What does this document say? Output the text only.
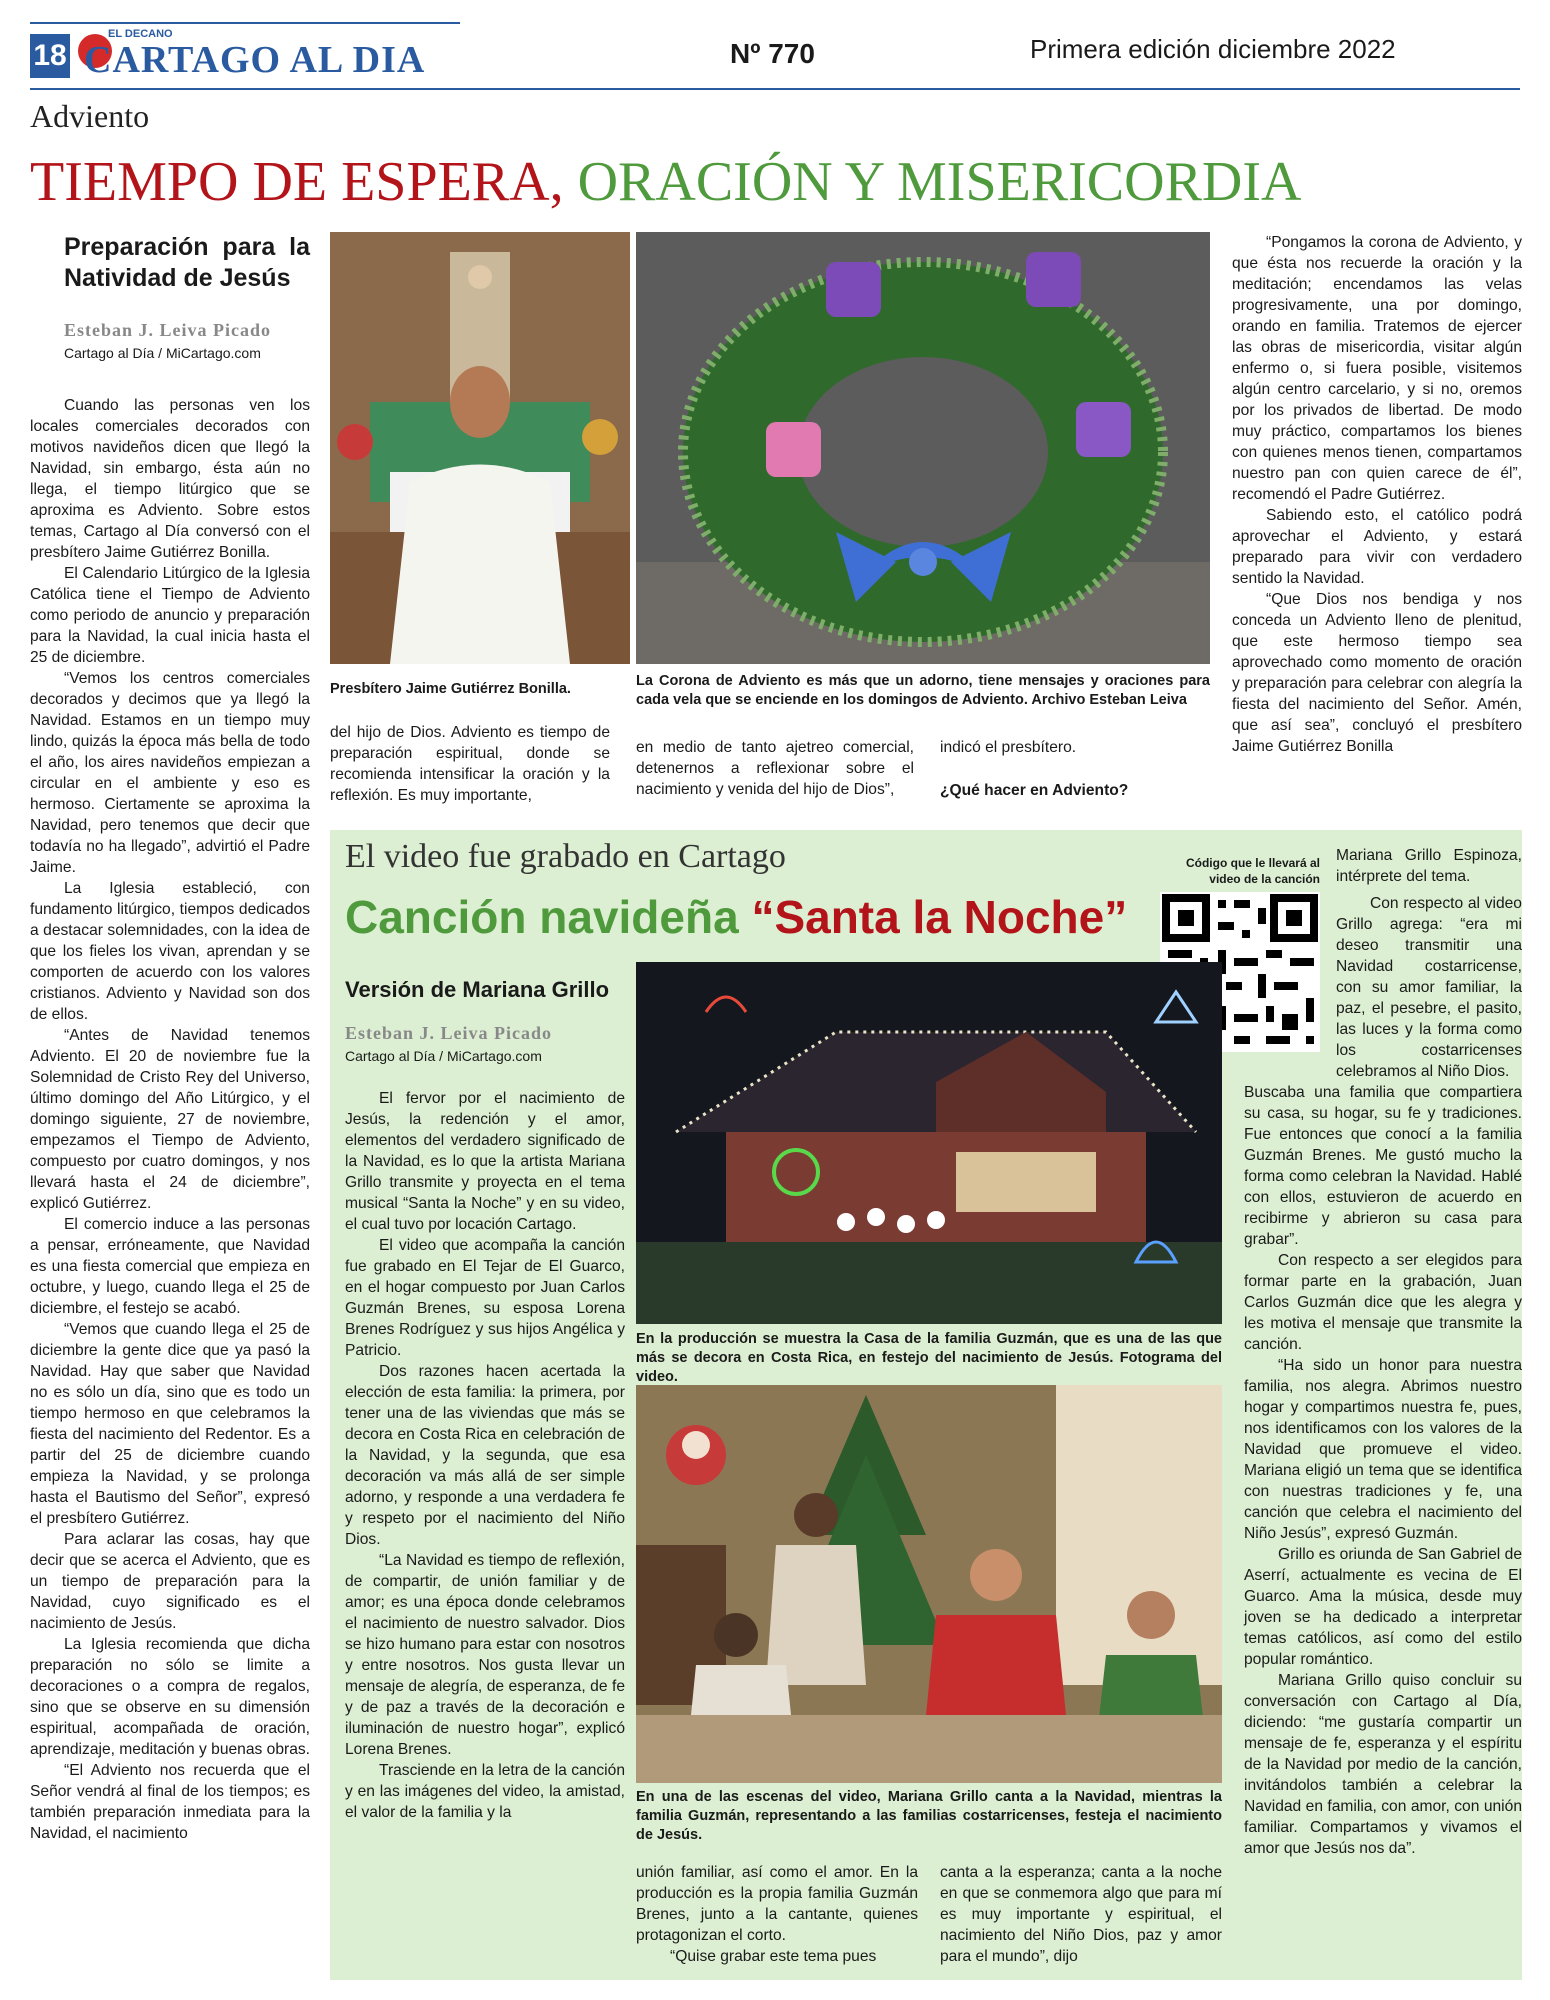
18
EL DECANO
CARTAGO AL DIA	Nº 770	Primera edición diciembre 2022
Adviento
TIEMPO DE ESPERA, ORACIÓN Y MISERICORDIA
Preparación para la Natividad de Jesús
Esteban J. Leiva Picado
Cartago al Día / MiCartago.com

Cuando las personas ven los locales comerciales decorados con motivos navideños dicen que llegó la Navidad, sin embargo, ésta aún no llega, el tiempo litúrgico que se aproxima es Adviento. Sobre estos temas, Cartago al Día conversó con el presbítero Jaime Gutiérrez Bonilla.

El Calendario Litúrgico de la Iglesia Católica tiene el Tiempo de Adviento como periodo de anuncio y preparación para la Navidad, la cual inicia hasta el 25 de diciembre.

“Vemos los centros comerciales decorados y decimos que ya llegó la Navidad. Estamos en un tiempo muy lindo, quizás la época más bella de todo el año, los aires navideños empiezan a circular en el ambiente y eso es hermoso. Ciertamente se aproxima la Navidad, pero tenemos que decir que todavía no ha llegado”, advirtió el Padre Jaime.

La Iglesia estableció, con fundamento litúrgico, tiempos dedicados a destacar solemnidades, con la idea de que los fieles los vivan, aprendan y se comporten de acuerdo con los valores cristianos. Adviento y Navidad son dos de ellos.

“Antes de Navidad tenemos Adviento. El 20 de noviembre fue la Solemnidad de Cristo Rey del Universo, último domingo del Año Litúrgico, y el domingo siguiente, 27 de noviembre, empezamos el Tiempo de Adviento, compuesto por cuatro domingos, y nos llevará hasta el 24 de diciembre”, explicó Gutiérrez.

El comercio induce a las personas a pensar, erróneamente, que Navidad es una fiesta comercial que empieza en octubre, y luego, cuando llega el 25 de diciembre, el festejo se acabó.

“Vemos que cuando llega el 25 de diciembre la gente dice que ya pasó la Navidad. Hay que saber que Navidad no es sólo un día, sino que es todo un tiempo hermoso en que celebramos la fiesta del nacimiento del Redentor. Es a partir del 25 de diciembre cuando empieza la Navidad, y se prolonga hasta el Bautismo del Señor”, expresó el presbítero Gutiérrez.

Para aclarar las cosas, hay que decir que se acerca el Adviento, que es un tiempo de preparación para la Navidad, cuyo significado es el nacimiento de Jesús.

La Iglesia recomienda que dicha preparación no sólo se limite a decoraciones o a compra de regalos, sino que se observe en su dimensión espiritual, acompañada de oración, aprendizaje, meditación y buenas obras.

“El Adviento nos recuerda que el Señor vendrá al final de los tiempos; es también preparación inmediata para la Navidad, el nacimiento

Presbítero Jaime Gutiérrez Bonilla.	La Corona de Adviento es más que un adorno, tiene mensajes y oraciones para cada vela que se enciende en los domingos de Adviento. Archivo Esteban Leiva

del hijo de Dios. Adviento es tiempo de preparación espiritual, donde se recomienda intensificar la oración y la reflexión. Es muy importante,

en medio de tanto ajetreo comercial, detenernos a reflexionar sobre el nacimiento y venida del hijo de Dios”,

indicó el presbítero.

¿Qué hacer en Adviento?

“Pongamos la corona de Adviento, y que ésta nos recuerde la oración y la meditación; encendamos las velas progresivamente, una por domingo, orando en familia. Tratemos de ejercer las obras de misericordia, visitar algún enfermo o, si fuera posible, visitemos algún centro carcelario, y si no, oremos por los privados de libertad. De modo muy práctico, compartamos los bienes con quienes menos tienen, compartamos nuestro pan con quien carece de él”, recomendó el Padre Gutiérrez.

Sabiendo esto, el católico podrá aprovechar el Adviento, y estará preparado para vivir con verdadero sentido la Navidad.

“Que Dios nos bendiga y nos conceda un Adviento lleno de plenitud, que este hermoso tiempo sea aprovechado como momento de oración y preparación para celebrar con alegría la fiesta del nacimiento del Señor. Amén, que así sea”, concluyó el presbítero Jaime Gutiérrez Bonilla

El video fue grabado en Cartago
Canción navideña “Santa la Noche”
Código que le llevará al video de la canción
Versión de Mariana Grillo
Esteban J. Leiva Picado
Cartago al Día / MiCartago.com

El fervor por el nacimiento de Jesús, la redención y el amor, elementos del verdadero significado de la Navidad, es lo que la artista Mariana Grillo transmite y proyecta en el tema musical “Santa la Noche” y en su video, el cual tuvo por locación Cartago.

El video que acompaña la canción fue grabado en El Tejar de El Guarco, en el hogar compuesto por Juan Carlos Guzmán Brenes, su esposa Lorena Brenes Rodríguez y sus hijos Angélica y Patricio.

Dos razones hacen acertada la elección de esta familia: la primera, por tener una de las viviendas que más se decora en Costa Rica en celebración de la Navidad, y la segunda, que esa decoración va más allá de ser simple adorno, y responde a una verdadera fe y respeto por el nacimiento del Niño Dios.

“La Navidad es tiempo de reflexión, de compartir, de unión familiar y de amor; es una época donde celebramos el nacimiento de nuestro salvador. Dios se hizo humano para estar con nosotros y entre nosotros. Nos gusta llevar un mensaje de alegría, de esperanza, de fe y de paz a través de la decoración e iluminación de nuestro hogar”, explicó Lorena Brenes.

Trasciende en la letra de la canción y en las imágenes del video, la amistad, el valor de la familia y la

En la producción se muestra la Casa de la familia Guzmán, que es una de las que más se decora en Costa Rica, en festejo del nacimiento de Jesús. Fotograma del video.
En una de las escenas del video, Mariana Grillo canta a la Navidad, mientras la familia Guzmán, representando a las familias costarricenses, festeja el nacimiento de Jesús.

unión familiar, así como el amor. En la producción es la propia familia Guzmán Brenes, junto a la cantante, quienes protagonizan el corto.

“Quise grabar este tema pues

canta a la esperanza; canta a la noche en que se conmemora algo que para mí es muy importante y espiritual, el nacimiento del Niño Dios, paz y amor para el mundo”, dijo

Mariana Grillo Espinoza, intérprete del tema.

Con respecto al video Grillo agrega: “era mi deseo transmitir una Navidad costarricense, con su amor familiar, la paz, el pesebre, el pasito, las luces y la forma como los costarricenses celebramos al Niño Dios.

Buscaba una familia que compartiera su casa, su hogar, su fe y tradiciones. Fue entonces que conocí a la familia Guzmán Brenes. Me gustó mucho la forma como celebran la Navidad. Hablé con ellos, estuvieron de acuerdo en recibirme y abrieron su casa para grabar”.

Con respecto a ser elegidos para formar parte en la grabación, Juan Carlos Guzmán dice que les alegra y les motiva el mensaje que transmite la canción.

“Ha sido un honor para nuestra familia, nos alegra. Abrimos nuestro hogar y compartimos nuestra fe, pues, nos identificamos con los valores de la Navidad que promueve el video. Mariana eligió un tema que se identifica con nuestras tradiciones y fe, una canción que celebra el nacimiento del Niño Jesús”, expresó Guzmán.

Grillo es oriunda de San Gabriel de Aserrí, actualmente es vecina de El Guarco. Ama la música, desde muy joven se ha dedicado a interpretar temas católicos, así como del estilo popular romántico.

Mariana Grillo quiso concluir su conversación con Cartago al Día, diciendo: “me gustaría compartir un mensaje de fe, esperanza y el espíritu de la Navidad por medio de la canción, invitándolos también a celebrar la Navidad en familia, con amor, con unión familiar. Compartamos y vivamos el amor que Jesús nos da”.
